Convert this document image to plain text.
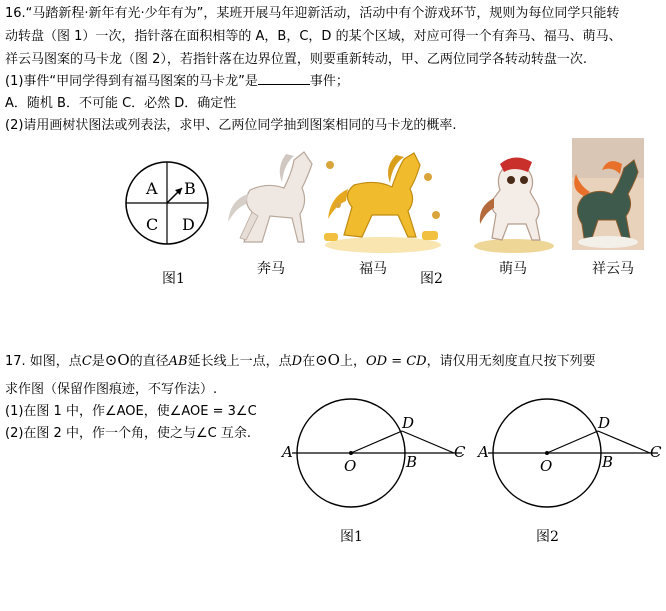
16.“马踏新程·新年有光·少年有为”，某班开展马年迎新活动，活动中有个游戏环节，规则为每位同学只能转
动转盘（图 1）一次，指针落在面积相等的 A，B，C，D 的某个区域，对应可得一个有奔马、福马、萌马、
祥云马图案的马卡龙（图 2），若指针落在边界位置，则要重新转动，甲、乙两位同学各转动转盘一次.
(1)事件“甲同学得到有福马图案的马卡龙”是	事件；
A．随机 B．不可能 C．必然 D．确定性
(2)请用画树状图法或列表法，求甲、乙两位同学抽到图案相同的马卡龙的概率.
A B
C D
图1
奔马	福马
图2
萌马	祥云马
17. 如图，点C是⊙O的直径AB延长线上一点，点D在⊙O上，OD = CD，请仅用无刻度直尺按下列要
求作图（保留作图痕迹，不写作法）.
(1)在图 1 中，作∠AOE，使∠AOE = 3∠C
(2)在图 2 中，作一个角，使之与∠C 互余.
A
O	B
C
D
图1
A
O	B
C
D
图2
